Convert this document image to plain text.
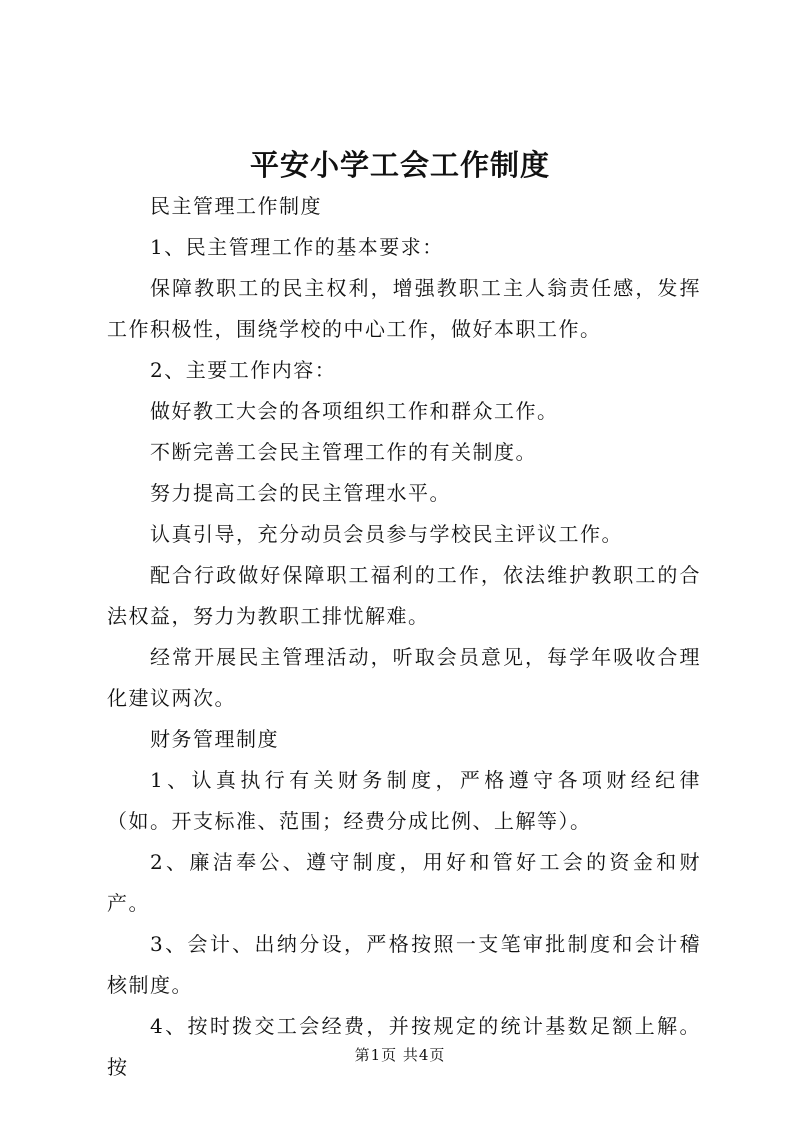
平安小学工会工作制度

民主管理工作制度

1、民主管理工作的基本要求：

保障教职工的民主权利，增强教职工主人翁责任感，发挥工作积极性，围绕学校的中心工作，做好本职工作。

2、主要工作内容：

做好教工大会的各项组织工作和群众工作。

不断完善工会民主管理工作的有关制度。

努力提高工会的民主管理水平。

认真引导，充分动员会员参与学校民主评议工作。

配合行政做好保障职工福利的工作，依法维护教职工的合法权益，努力为教职工排忧解难。

经常开展民主管理活动，听取会员意见，每学年吸收合理化建议两次。

财务管理制度

1、认真执行有关财务制度，严格遵守各项财经纪律（如。开支标准、范围；经费分成比例、上解等）。

2、廉洁奉公、遵守制度，用好和管好工会的资金和财产。

3、会计、出纳分设，严格按照一支笔审批制度和会计稽核制度。

4、按时拨交工会经费，并按规定的统计基数足额上解。按	第1页 共4页
